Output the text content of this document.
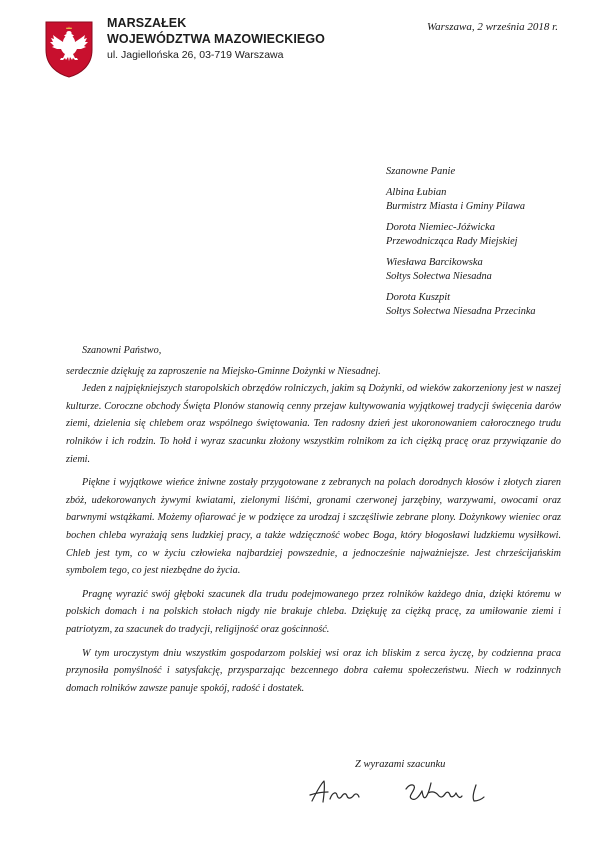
MARSZAŁEK
WOJEWÓDZTWA MAZOWIECKIEGO
ul. Jagiellońska 26, 03-719 Warszawa
Warszawa, 2 września 2018 r.
Szanowne Panie
Albina Łubian
Burmistrz Miasta i Gminy Pilawa
Dorota Niemiec-Jóźwicka
Przewodnicząca Rady Miejskiej
Wiesława Barcikowska
Sołtys Sołectwa Niesadna
Dorota Kuszpit
Sołtys Sołectwa Niesadna Przecinka

Szanowni Państwo,

serdecznie dziękuję za zaproszenie na Miejsko-Gminne Dożynki w Niesadnej.

Jeden z najpiękniejszych staropolskich obrzędów rolniczych, jakim są Dożynki, od wieków zakorzeniony jest w naszej kulturze. Coroczne obchody Święta Plonów stanowią cenny przejaw kultywowania wyjątkowej tradycji święcenia darów ziemi, dzielenia się chlebem oraz wspólnego świętowania. Ten radosny dzień jest ukoronowaniem całorocznego trudu rolników i ich rodzin. To hołd i wyraz szacunku złożony wszystkim rolnikom za ich ciężką pracę oraz przywiązanie do ziemi.

Piękne i wyjątkowe wieńce żniwne zostały przygotowane z zebranych na polach dorodnych kłosów i złotych ziaren zbóż, udekorowanych żywymi kwiatami, zielonymi liśćmi, gronami czerwonej jarzębiny, warzywami, owocami oraz barwnymi wstążkami. Możemy ofiarować je w podzięce za urodzaj i szczęśliwie zebrane plony. Dożynkowy wieniec oraz bochen chleba wyrażają sens ludzkiej pracy, a także wdzięczność wobec Boga, który błogosławi ludzkiemu wysiłkowi. Chleb jest tym, co w życiu człowieka najbardziej powszednie, a jednocześnie najważniejsze. Jest chrześcijańskim symbolem tego, co jest niezbędne do życia.

Pragnę wyrazić swój głęboki szacunek dla trudu podejmowanego przez rolników każdego dnia, dzięki któremu w polskich domach i na polskich stołach nigdy nie brakuje chleba. Dziękuję za ciężką pracę, za umiłowanie ziemi i patriotyzm, za szacunek do tradycji, religijność oraz gościnność.

W tym uroczystym dniu wszystkim gospodarzom polskiej wsi oraz ich bliskim z serca życzę, by codzienna praca przynosiła pomyślność i satysfakcję, przysparzając bezcennego dobra całemu społeczeństwu. Niech w rodzinnych domach rolników zawsze panuje spokój, radość i dostatek.

Z wyrazami szacunku
